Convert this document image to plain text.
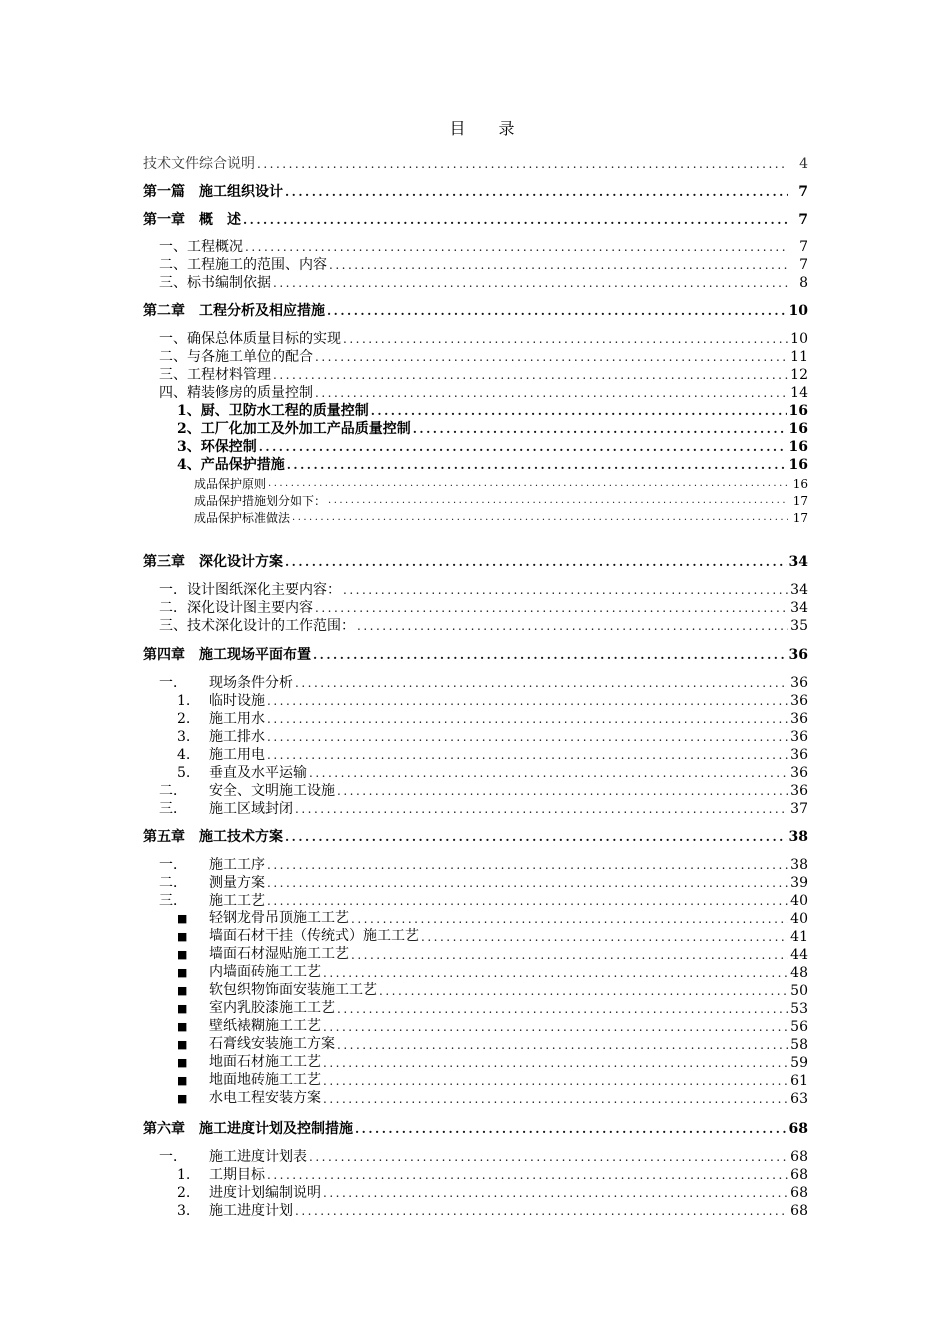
目 录
技术文件综合说明 .....	4
第一篇　施工组织设计 .....	7
第一章　概　述 .....	7
一、工程概况 .....	7
二、工程施工的范围、内容 .....	7
三、标书编制依据 .....	8
第二章　工程分析及相应措施 .....	10
一、确保总体质量目标的实现 .....	10
二、与各施工单位的配合 .....	11
三、工程材料管理 .....	12
四、精装修房的质量控制 .....	14
1、厨、卫防水工程的质量控制 .....	16
2、工厂化加工及外加工产品质量控制 .....	16
3、环保控制 .....	16
4、产品保护措施 .....	16
成品保护原则 .....	16
成品保护措施划分如下： .....	17
成品保护标准做法 .....	17
第三章　深化设计方案 .....	34
一．设计图纸深化主要内容： .....	34
二．深化设计图主要内容 .....	34
三、技术深化设计的工作范围： .....	35
第四章　施工现场平面布置 .....	36
一． 现场条件分析 .....	36
1. 临时设施 .....	36
2. 施工用水 .....	36
3. 施工排水 .....	36
4. 施工用电 .....	36
5. 垂直及水平运输 .....	36
二． 安全、文明施工设施 .....	36
三． 施工区域封闭 .....	37
第五章　施工技术方案 .....	38
一． 施工工序 .....	38
二． 测量方案 .....	39
三． 施工工艺 .....	40
■ 轻钢龙骨吊顶施工工艺 .....	40
■ 墙面石材干挂（传统式）施工工艺 .....	41
■ 墙面石材湿贴施工工艺 .....	44
■ 内墙面砖施工工艺 .....	48
■ 软包织物饰面安装施工工艺 .....	50
■ 室内乳胶漆施工工艺 .....	53
■ 壁纸裱糊施工工艺 .....	56
■ 石膏线安装施工方案 .....	58
■ 地面石材施工工艺 .....	59
■ 地面地砖施工工艺 .....	61
■ 水电工程安装方案 .....	63
第六章　施工进度计划及控制措施 .....	68
一． 施工进度计划表 .....	68
1. 工期目标 .....	68
2. 进度计划编制说明 .....	68
3. 施工进度计划 .....	68
